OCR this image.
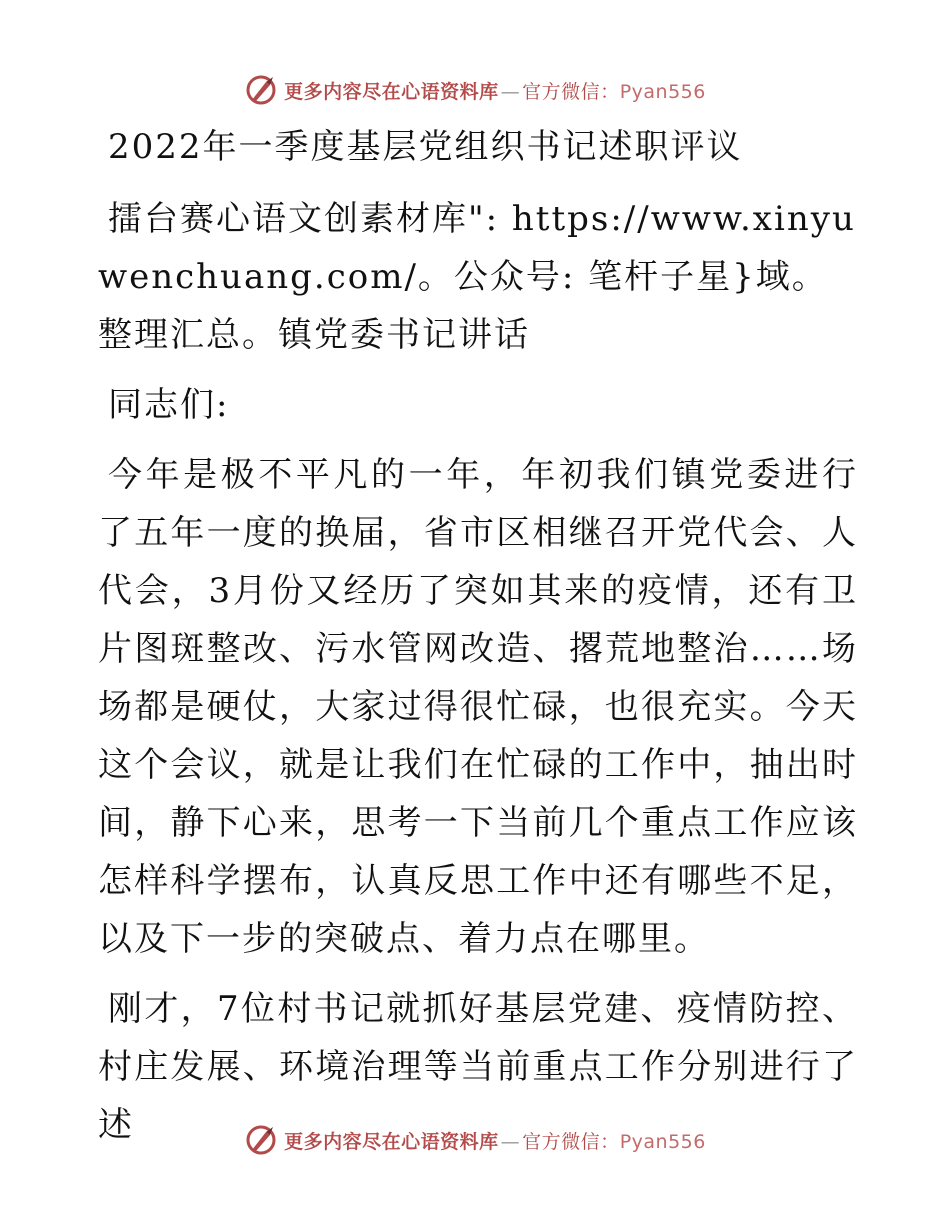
更多内容尽在心语资料库 — 官方微信：Pyan556

2022年一季度基层党组织书记述职评议

擂台赛心语文创素材库": https://www.xinyuwenchuang.com/。公众号: 笔杆子星}域。整理汇总。镇党委书记讲话

同志们:

今年是极不平凡的一年，年初我们镇党委进行了五年一度的换届，省市区相继召开党代会、人代会，3月份又经历了突如其来的疫情，还有卫片图斑整改、污水管网改造、撂荒地整治……场场都是硬仗，大家过得很忙碌，也很充实。今天这个会议，就是让我们在忙碌的工作中，抽出时间，静下心来，思考一下当前几个重点工作应该怎样科学摆布，认真反思工作中还有哪些不足，以及下一步的突破点、着力点在哪里。

刚才，7位村书记就抓好基层党建、疫情防控、村庄发展、环境治理等当前重点工作分别进行了述	更多内容尽在心语资料库 — 官方微信：Pyan556
